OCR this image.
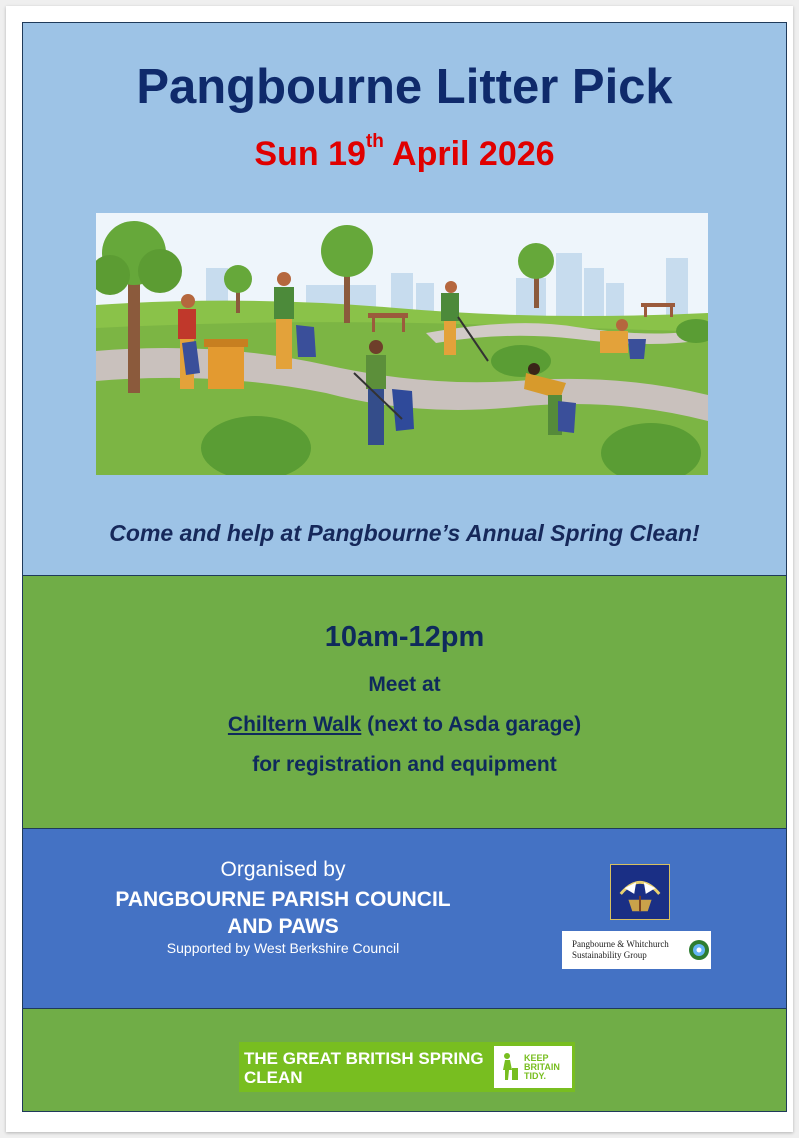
Pangbourne Litter Pick
Sun 19th April 2026
Come and help at Pangbourne’s Annual Spring Clean!
10am-12pm
Meet at
Chiltern Walk (next to Asda garage)
for registration and equipment
Organised by
PANGBOURNE PARISH COUNCIL
AND PAWS
Supported by West Berkshire Council	Pangbourne & Whitchurch Sustainability Group
THE GREAT BRITISH SPRING CLEAN
KEEP BRITAIN TIDY.
